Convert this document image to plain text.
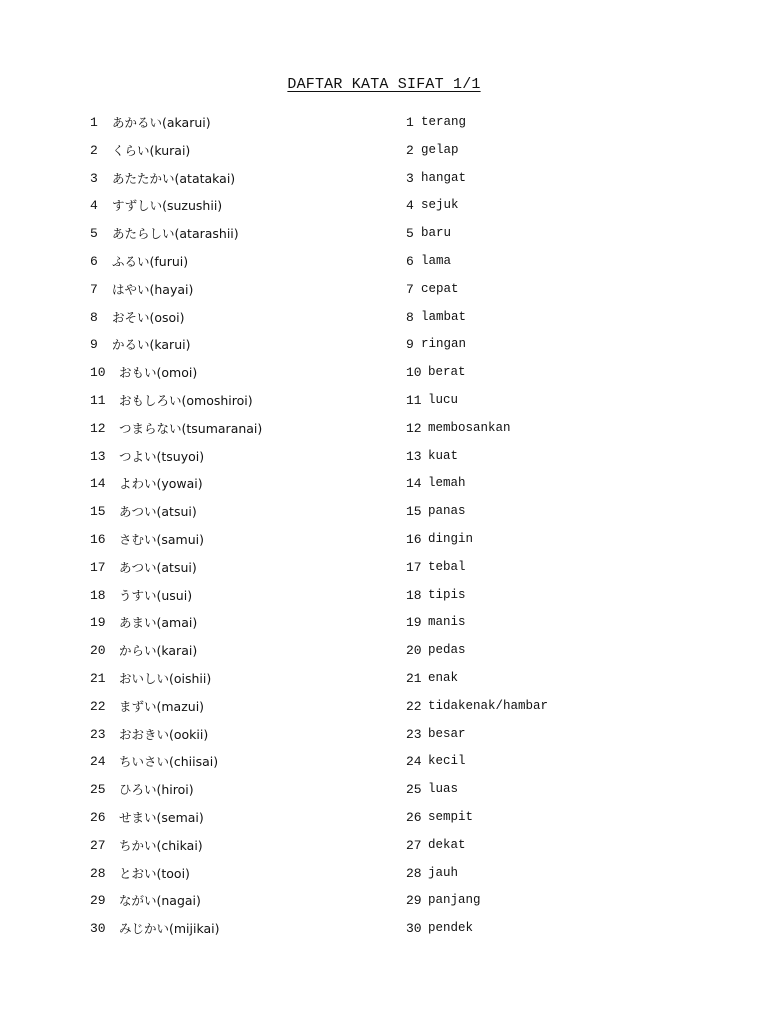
DAFTAR KATA SIFAT 1/1
1	あかるい(akarui)	1 terang
2	くらい(kurai)	2 gelap
3	あたたかい(atatakai)	3 hangat
4	すずしい(suzushii)	4 sejuk
5	あたらしい(atarashii)	5 baru
6	ふるい(furui)	6 lama
7	はやい(hayai)	7 cepat
8	おそい(osoi)	8 lambat
9	かるい(karui)	9 ringan
10	おもい(omoi)	10 berat
11	おもしろい(omoshiroi)	11 lucu
12	つまらない(tsumaranai)	12 membosankan
13	つよい(tsuyoi)	13 kuat
14	よわい(yowai)	14 lemah
15	あつい(atsui)	15 panas
16	さむい(samui)	16 dingin
17	あつい(atsui)	17 tebal
18	うすい(usui)	18 tipis
19	あまい(amai)	19 manis
20	からい(karai)	20 pedas
21	おいしい(oishii)	21 enak
22	まずい(mazui)	22 tidakenak/hambar
23	おおきい(ookii)	23 besar
24	ちいさい(chiisai)	24 kecil
25	ひろい(hiroi)	25 luas
26	せまい(semai)	26 sempit
27	ちかい(chikai)	27 dekat
28	とおい(tooi)	28 jauh
29	ながい(nagai)	29 panjang
30	みじかい(mijikai)	30 pendek
